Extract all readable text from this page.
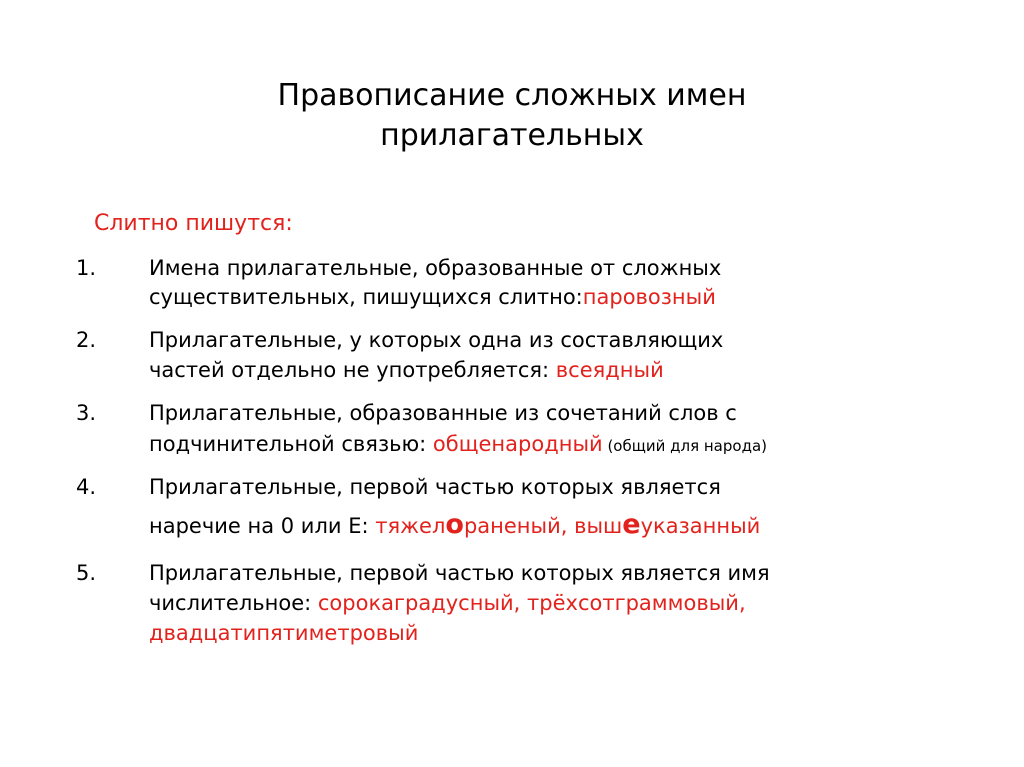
Правописание сложных имен
прилагательных
Слитно пишутся:
1.	Имена прилагательные, образованные от сложных
существительных, пишущихся слитно:паровозный
2.	Прилагательные, у которых одна из составляющих
частей отдельно не употребляется: всеядный
3.	Прилагательные, образованные из сочетаний слов с
подчинительной связью: общенародный (общий для народа)
4.	Прилагательные, первой частью которых является
наречие на 0 или Е: тяжелораненый, вышеуказанный
5.	Прилагательные, первой частью которых является имя
числительное: сорокаградусный, трёхсотграммовый,
двадцатипятиметровый
